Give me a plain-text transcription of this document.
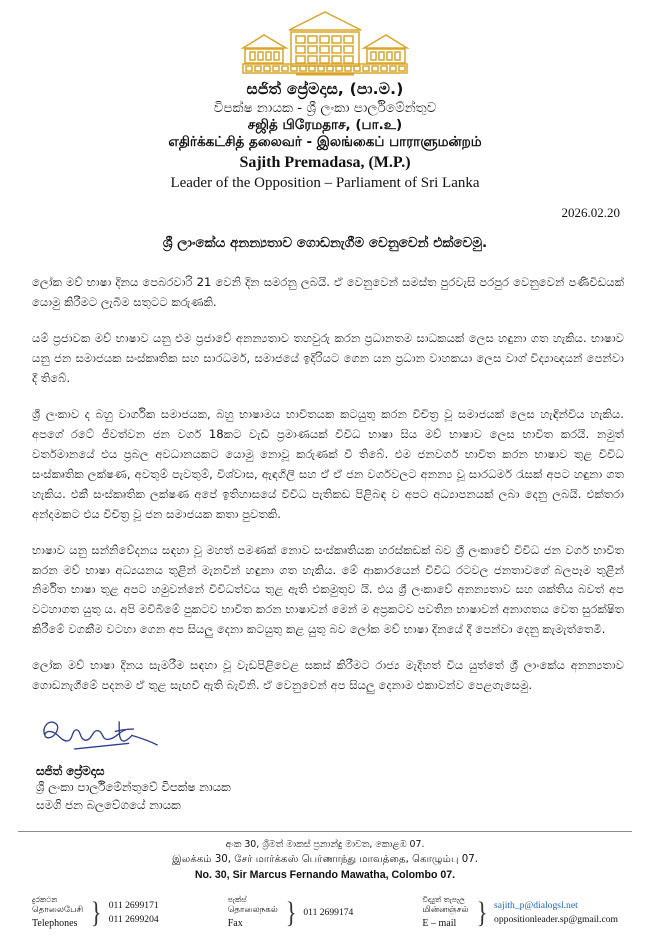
සජිත් ප්‍රේමදාස, (පා.ම.)
විපක්ෂ නායක - ශ්‍රී ලංකා පාර්ලිමේන්තුව
சஜித் பிரேமதாச, (பா.உ)
எதிர்க்கட்சித் தலைவர் - இலங்கைப் பாராளுமன்றம்
Sajith Premadasa, (M.P.)
Leader of the Opposition – Parliament of Sri Lanka
2026.02.20
ශ්‍රී ලාංකේය අනන්‍යතාව ගොඩනැගීම වෙනුවෙන් එක්වෙමු.

ලෝක මව් භාෂා දිනය පෙබරවාරි 21 වෙනි දින සමරනු ලබයි. ඒ වෙනුවෙන් සමස්ත පුරවැසි පරපුර වෙනුවෙන් පණිවිඩයක් යොමු කිරීමට ලැබීම සතුටට කරුණකි.

යම් ප්‍රජාවක මව් භාෂාව යනු එම ප්‍රජාවේ අනන්‍යතාව තහවුරු කරන ප්‍රධානතම සාධකයක් ලෙස හඳුනා ගත හැකිය. භාෂාව යනු ජන සමාජයක සංස්කෘතික සහ සාරධර්ම, සමාජයේ ඉදිරියට ගෙන යන ප්‍රධාන වාහකයා ලෙස වාග් විද්‍යාඥයන් පෙන්වා දී තිබේ.

ශ්‍රී ලංකාව ද බහු වාර්ගික සමාජයක, බහු භාෂාමය භාවිතයක කටයුතු කරන විචිත්‍ර වූ සමාජයක් ලෙස හැඳින්විය හැකිය. අපගේ රටේ ජීවත්වන ජන වර්ග 18කට වැඩි ප්‍රමාණයක් විවිධ භාෂා සිය මව් භාෂාව ලෙස භාවිත කරයි. නමුත් වර්තමානයේ එය ප්‍රබල අවධානයකට යොමු නොවූ කරුණක් වී තිබේ. එම ජනවර්ග භාවිත කරන භාෂාව තුළ විවිධ සංස්කෘතික ලක්ෂණ, අවතුම් පැවතුම්, විශ්වාස, ඇඳගිලි සහ ඒ ඒ ජන වර්ගවලට අනන්‍ය වූ සාරධර්ම රැසක් අපට හඳුනා ගත හැකිය. එකී සංස්කෘතික ලක්ෂණ අපේ ඉතිහාසයේ විවිධ පැතිකඩ පිළිබඳ ව අපට අධ්‍යාපනයක් ලබා දෙනු ලබයි. එක්තරා අන්දමකට එය විචිත්‍ර වූ ජන සමාජයක කතා පුවතකි.

භාෂාව යනු සන්නිවේදනය සඳහා වූ මහත් පමණක් නොව සංස්කෘතියක හරස්කඩක් බව ශ්‍රී ලංකාවේ විවිධ ජන වර්ග භාවිත කරන මව් භාෂා අධ්‍යයනය තුළින් මැනවින් හඳුනා ගත හැකිය. මේ ආකාරයෙන් විවිධ රටවල ජනතාවගේ බලපෑම තුළින් නිර්මිත භාෂා තුළ අපට හමුවන්නේ විවිධත්වය තුළ ඇති එකමුතුව යි. එය ශ්‍රී ලංකාවේ අනන්‍යතාව සහ ශක්තිය බවත් අප වටහාගත යුතු ය. අපි මවිබිමේ පුකටව භාවිත කරන භාෂාවන් මෙන් ම අප්‍රකටව පවතින භාෂාවන් අනාගතය වෙත සුරක්ෂිත කිරීමේ වගකීම වටහා ගෙන අප සියලු දෙනා කටයුතු කළ යුතු බව ලෝක මව් භාෂා දිනයේ දී පෙන්වා දෙනු කැමැත්තෙමි.

ලෝක මව් භාෂා දිනය සැමරීම සඳහා වූ වැඩපිළිවෙළ සකස් කිරීමට රාජ්‍ය මැදිහත් විය යුත්තේ ශ්‍රී ලාංකේය අනන්‍යතාව ගොඩනැගීමේ පදනම ඒ තුළ සැඟවී ඇති බැවිනි. ඒ වෙනුවෙන් අප සියලු දෙනාම එකාවන්ව පෙළගැසෙමු.

සජිත් ප්‍රේමදාස
ශ්‍රී ලංකා පාර්ලිමේන්තුවේ විපක්ෂ නායක
සමගි ජන බලවේගයේ නායක
අංක 30, ශ්‍රීමත් මාකස් ප්‍රනාන්දු මාවත, කොළඹ 07.
இலக்கம் 30, சேர் மார்க்கஸ் பெர்ணாந்து மாவத்தை, கொழும்பு 07.
No. 30, Sir Marcus Fernando Mawatha, Colombo 07.
දුරකථන
தொலைபேசி
Telephones } 011 2699171
011 2699204
පැක්ස්
தொலைநகல்
Fax	} 011 2699174
විද්‍යුත් තැපෑල
மின்னஞ்சல்
E – mail } sajith_p@dialogsl.net
oppositionleader.sp@gmail.com
